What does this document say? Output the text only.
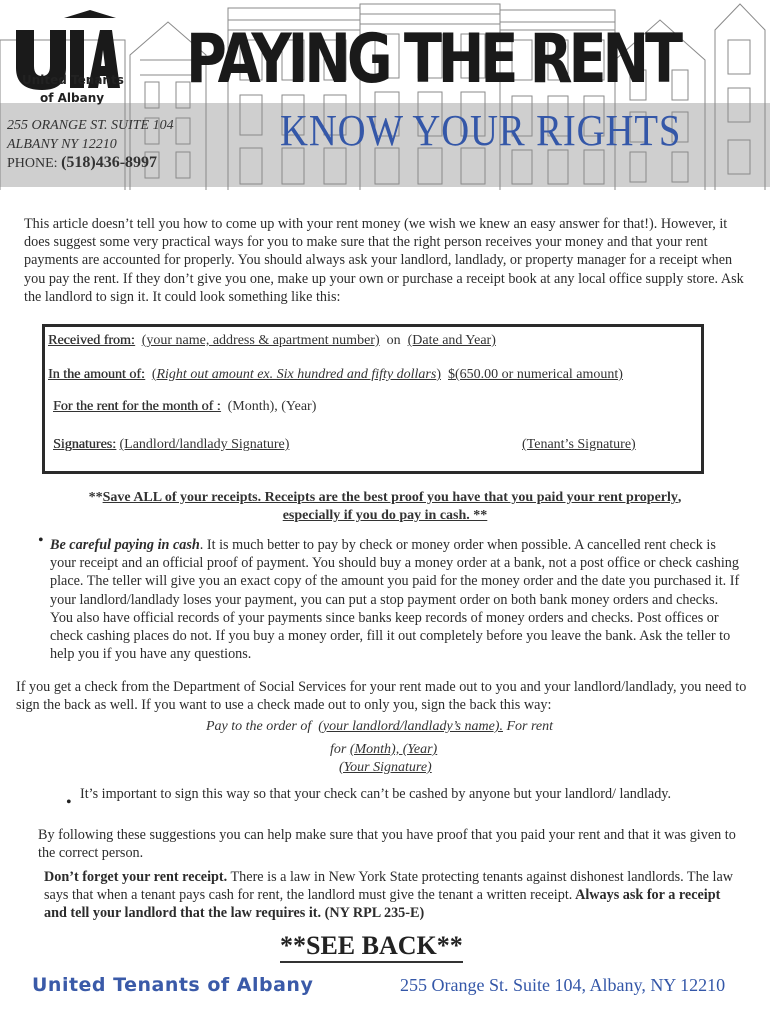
United Tenants
of Albany
255 ORANGE ST. SUITE 104
ALBANY NY 12210
PHONE: (518)436-8997
PAYING THE RENT
KNOW YOUR RIGHTS
This article doesn’t tell you how to come up with your rent money (we wish we knew an easy answer for that!). However, it does suggest some very practical ways for you to make sure that the right person receives your money and that your rent payments are accounted for properly. You should always ask your landlord, landlady, or property manager for a receipt when you pay the rent. If they don’t give you one, make up your own or purchase a receipt book at any local office supply store. Ask the landlord to sign it. It could look something like this:
Received from: (your name, address & apartment number) on (Date and Year)
In the amount of: (Right out amount ex. Six hundred and fifty dollars) $(650.00 or numerical amount)
For the rent for the month of : (Month), (Year)
Signatures: (Landlord/landlady Signature)	(Tenant’s Signature)
**Save ALL of your receipts. Receipts are the best proof you have that you paid your rent properly,
especially if you do pay in cash. **
• Be careful paying in cash. It is much better to pay by check or money order when possible. A cancelled rent check is your receipt and an official proof of payment. You should buy a money order at a bank, not a post office or check cashing place. The teller will give you an exact copy of the amount you paid for the money order and the date you purchased it. If your landlord/landlady loses your payment, you can put a stop payment order on both bank money orders and checks. You also have official records of your payments since banks keep records of money orders and checks. Post offices or check cashing places do not. If you buy a money order, fill it out completely before you leave the bank. Ask the teller to help you if you have any questions.
If you get a check from the Department of Social Services for your rent made out to you and your landlord/landlady, you need to sign the back as well. If you want to use a check made out to only you, sign the back this way:
Pay to the order of (your landlord/landlady’s name). For rent
for (Month), (Year)
(Your Signature)
• It’s important to sign this way so that your check can’t be cashed by anyone but your landlord/ landlady.
By following these suggestions you can help make sure that you have proof that you paid your rent and that it was given to the correct person.
Don’t forget your rent receipt. There is a law in New York State protecting tenants against dishonest landlords. The law says that when a tenant pays cash for rent, the landlord must give the tenant a written receipt. Always ask for a receipt and tell your landlord that the law requires it. (NY RPL 235-E)
**SEE BACK**
United Tenants of Albany	255 Orange St. Suite 104, Albany, NY 12210
